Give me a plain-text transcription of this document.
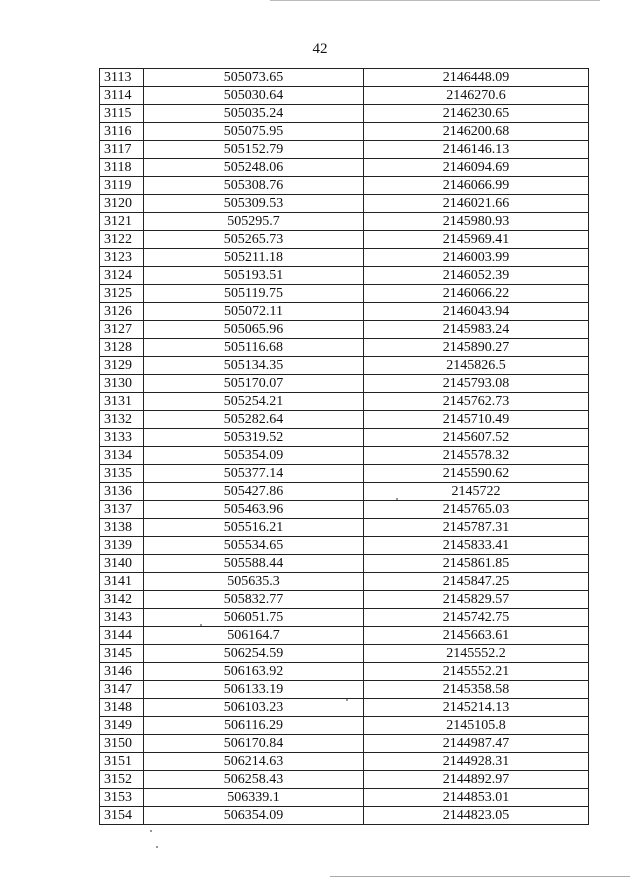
42
3113	505073.65	2146448.09
3114	505030.64	2146270.6
3115	505035.24	2146230.65
3116	505075.95	2146200.68
3117	505152.79	2146146.13
3118	505248.06	2146094.69
3119	505308.76	2146066.99
3120	505309.53	2146021.66
3121	505295.7	2145980.93
3122	505265.73	2145969.41
3123	505211.18	2146003.99
3124	505193.51	2146052.39
3125	505119.75	2146066.22
3126	505072.11	2146043.94
3127	505065.96	2145983.24
3128	505116.68	2145890.27
3129	505134.35	2145826.5
3130	505170.07	2145793.08
3131	505254.21	2145762.73
3132	505282.64	2145710.49
3133	505319.52	2145607.52
3134	505354.09	2145578.32
3135	505377.14	2145590.62
3136	505427.86	2145722
3137	505463.96	2145765.03
3138	505516.21	2145787.31
3139	505534.65	2145833.41
3140	505588.44	2145861.85
3141	505635.3	2145847.25
3142	505832.77	2145829.57
3143	506051.75	2145742.75
3144	506164.7	2145663.61
3145	506254.59	2145552.2
3146	506163.92	2145552.21
3147	506133.19	2145358.58
3148	506103.23	2145214.13
3149	506116.29	2145105.8
3150	506170.84	2144987.47
3151	506214.63	2144928.31
3152	506258.43	2144892.97
3153	506339.1	2144853.01
3154	506354.09	2144823.05
